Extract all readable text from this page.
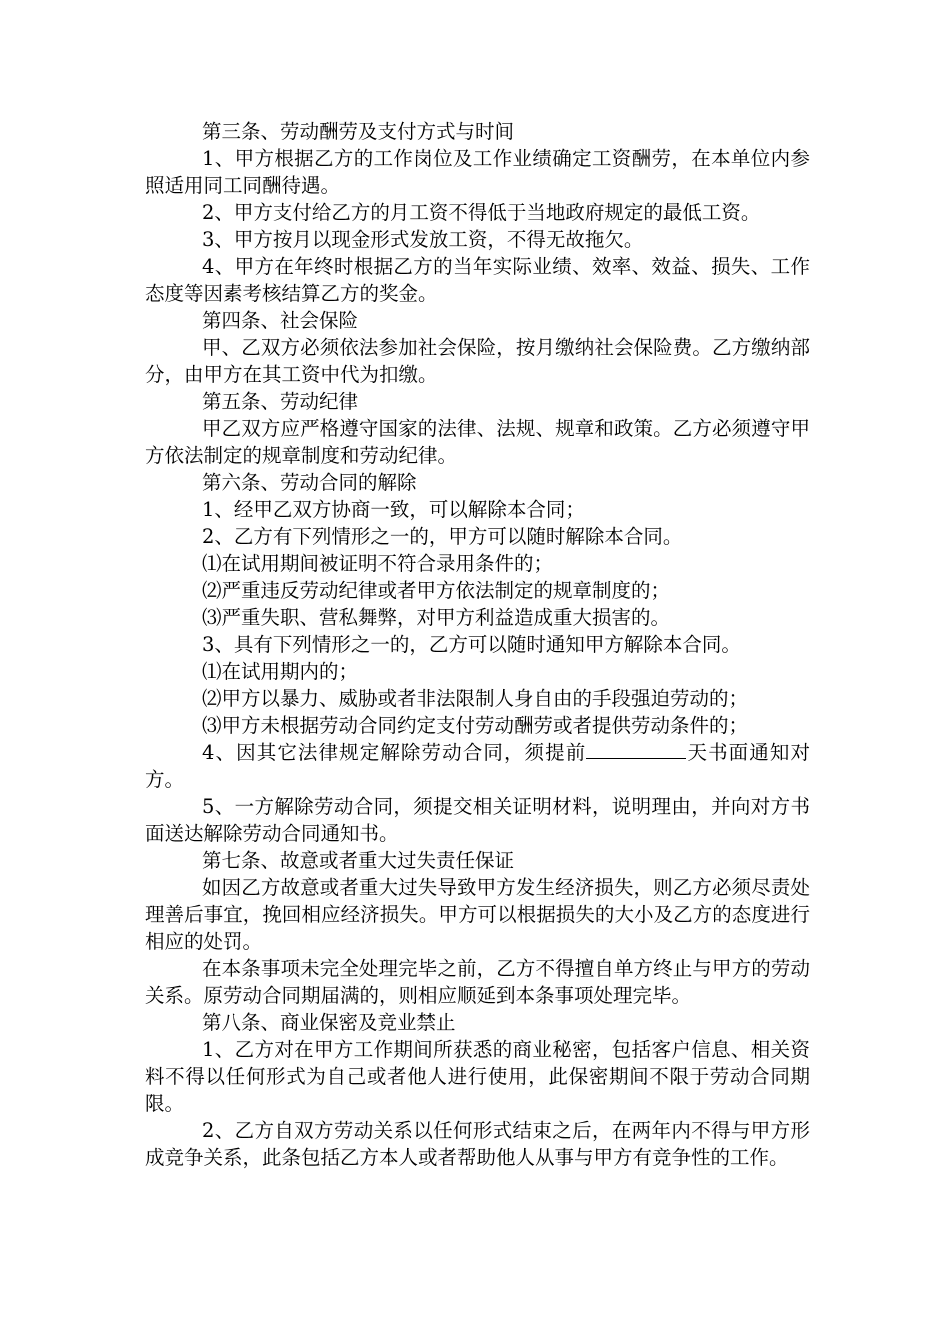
第三条、劳动酬劳及支付方式与时间

1、甲方根据乙方的工作岗位及工作业绩确定工资酬劳，在本单位内参照适用同工同酬待遇。

2、甲方支付给乙方的月工资不得低于当地政府规定的最低工资。

3、甲方按月以现金形式发放工资，不得无故拖欠。

4、甲方在年终时根据乙方的当年实际业绩、效率、效益、损失、工作态度等因素考核结算乙方的奖金。

第四条、社会保险

甲、乙双方必须依法参加社会保险，按月缴纳社会保险费。乙方缴纳部分，由甲方在其工资中代为扣缴。

第五条、劳动纪律

甲乙双方应严格遵守国家的法律、法规、规章和政策。乙方必须遵守甲方依法制定的规章制度和劳动纪律。

第六条、劳动合同的解除

1、经甲乙双方协商一致，可以解除本合同；

2、乙方有下列情形之一的，甲方可以随时解除本合同。

⑴在试用期间被证明不符合录用条件的；

⑵严重违反劳动纪律或者甲方依法制定的规章制度的；

⑶严重失职、营私舞弊，对甲方利益造成重大损害的。

3、具有下列情形之一的，乙方可以随时通知甲方解除本合同。

⑴在试用期内的；

⑵甲方以暴力、威胁或者非法限制人身自由的手段强迫劳动的；

⑶甲方未根据劳动合同约定支付劳动酬劳或者提供劳动条件的；

4、因其它法律规定解除劳动合同，须提前	天书面通知对方。

5、一方解除劳动合同，须提交相关证明材料，说明理由，并向对方书面送达解除劳动合同通知书。

第七条、故意或者重大过失责任保证

如因乙方故意或者重大过失导致甲方发生经济损失，则乙方必须尽责处理善后事宜，挽回相应经济损失。甲方可以根据损失的大小及乙方的态度进行相应的处罚。

在本条事项未完全处理完毕之前，乙方不得擅自单方终止与甲方的劳动关系。原劳动合同期届满的，则相应顺延到本条事项处理完毕。

第八条、商业保密及竞业禁止

1、乙方对在甲方工作期间所获悉的商业秘密，包括客户信息、相关资料不得以任何形式为自己或者他人进行使用，此保密期间不限于劳动合同期限。

2、乙方自双方劳动关系以任何形式结束之后，在两年内不得与甲方形成竞争关系，此条包括乙方本人或者帮助他人从事与甲方有竞争性的工作。
